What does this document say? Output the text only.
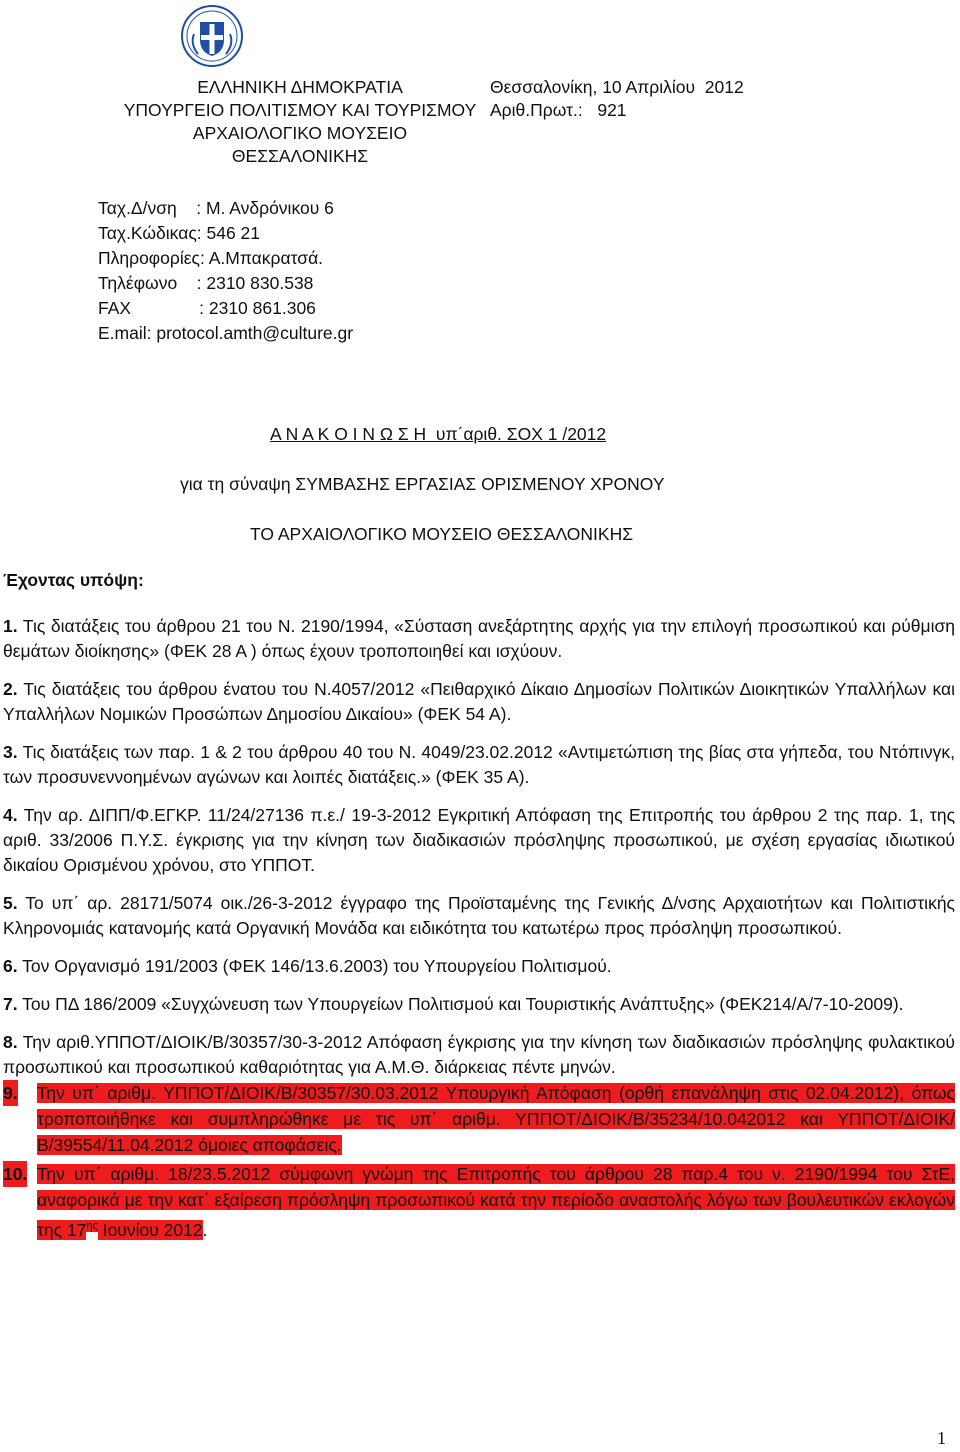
ΕΛΛΗΝΙΚΗ ΔΗΜΟΚΡΑΤΙΑ
ΥΠΟΥΡΓΕΙΟ ΠΟΛΙΤΙΣΜΟΥ ΚΑΙ ΤΟΥΡΙΣΜΟΥ
ΑΡΧΑΙΟΛΟΓΙΚΟ ΜΟΥΣΕΙΟ
ΘΕΣΣΑΛΟΝΙΚΗΣ
Θεσσαλονίκη, 10 Απριλίου  2012
Αριθ.Πρωτ.:   921
Ταχ.Δ/νση    : Μ. Ανδρόνικου 6
Ταχ.Κώδικας: 546 21
Πληροφορίες: Α.Μπακρατσά.
Τηλέφωνο    : 2310 830.538
FAX              : 2310 861.306
E.mail: protocol.amth@culture.gr
Α Ν Α Κ Ο Ι Ν Ω Σ Η  υπ΄αριθ. ΣΟΧ 1 /2012
για τη σύναψη ΣΥΜΒΑΣΗΣ ΕΡΓΑΣΙΑΣ ΟΡΙΣΜΕΝΟΥ ΧΡΟΝΟΥ
ΤΟ ΑΡΧΑΙΟΛΟΓΙΚΟ ΜΟΥΣΕΙΟ ΘΕΣΣΑΛΟΝΙΚΗΣ
Έχοντας υπόψη:
1. Τις διατάξεις του άρθρου 21 του Ν. 2190/1994, «Σύσταση ανεξάρτητης αρχής για την επιλογή προσωπικού και ρύθμιση θεμάτων διοίκησης» (ΦΕΚ 28 Α ) όπως έχουν τροποποιηθεί και ισχύουν.
2. Τις διατάξεις του άρθρου ένατου του Ν.4057/2012 «Πειθαρχικό Δίκαιο Δημοσίων Πολιτικών Διοικητικών Υπαλλήλων και Υπαλλήλων Νομικών Προσώπων Δημοσίου Δικαίου» (ΦΕΚ 54 Α).
3. Τις διατάξεις των παρ. 1 & 2 του άρθρου 40 του Ν. 4049/23.02.2012 «Αντιμετώπιση της βίας στα γήπεδα, του Ντόπινγκ, των προσυνεννοημένων αγώνων και λοιπές διατάξεις.» (ΦΕΚ 35 Α).
4. Την αρ. ΔΙΠΠ/Φ.ΕΓΚΡ. 11/24/27136 π.ε./ 19-3-2012 Εγκριτική Απόφαση της Επιτροπής του άρθρου 2 της παρ. 1, της αριθ. 33/2006 Π.Υ.Σ. έγκρισης για την κίνηση των διαδικασιών πρόσληψης προσωπικού, με σχέση εργασίας ιδιωτικού δικαίου Ορισμένου χρόνου, στο ΥΠΠΟΤ.
5. Το υπ΄ αρ. 28171/5074 οικ./26-3-2012 έγγραφο της Προϊσταμένης της Γενικής Δ/νσης Αρχαιοτήτων και Πολιτιστικής Κληρονομιάς κατανομής κατά Οργανική Μονάδα και ειδικότητα του κατωτέρω προς πρόσληψη προσωπικού.
6. Τον Οργανισμό 191/2003 (ΦΕΚ 146/13.6.2003) του Υπουργείου Πολιτισμού.
7. Του ΠΔ 186/2009 «Συγχώνευση των Υπουργείων Πολιτισμού και Τουριστικής Ανάπτυξης» (ΦΕΚ214/Α/7-10-2009).
8. Την αριθ.ΥΠΠΟΤ/ΔΙΟΙΚ/Β/30357/30-3-2012 Απόφαση έγκρισης για την κίνηση των διαδικασιών πρόσληψης φυλακτικού προσωπικού και προσωπικού καθαριότητας για Α.Μ.Θ. διάρκειας πέντε μηνών.
9. Την υπ΄ αριθμ. ΥΠΠΟΤ/ΔΙΟΙΚ/Β/30357/30.03.2012 Υπουργική Απόφαση (ορθή επανάληψη στις 02.04.2012), όπως τροποποιήθηκε και συμπληρώθηκε με τις υπ΄ αριθμ. ΥΠΠΟΤ/ΔΙΟΙΚ/Β/35234/10.042012 και ΥΠΠΟΤ/ΔΙΟΙΚ/Β/39554/11.04.2012 όμοιες αποφάσεις.
10. Την υπ΄ αριθμ. 18/23.5.2012 σύμφωνη γνώμη της Επιτροπής του άρθρου 28 παρ.4 του ν. 2190/1994 του ΣτΕ, αναφορικά με την κατ΄ εξαίρεση πρόσληψη προσωπικού κατά την περίοδο αναστολής λόγω των βουλευτικών εκλογών της $17^{\eta\varsigma}$ Ιουνίου 2012.
1
